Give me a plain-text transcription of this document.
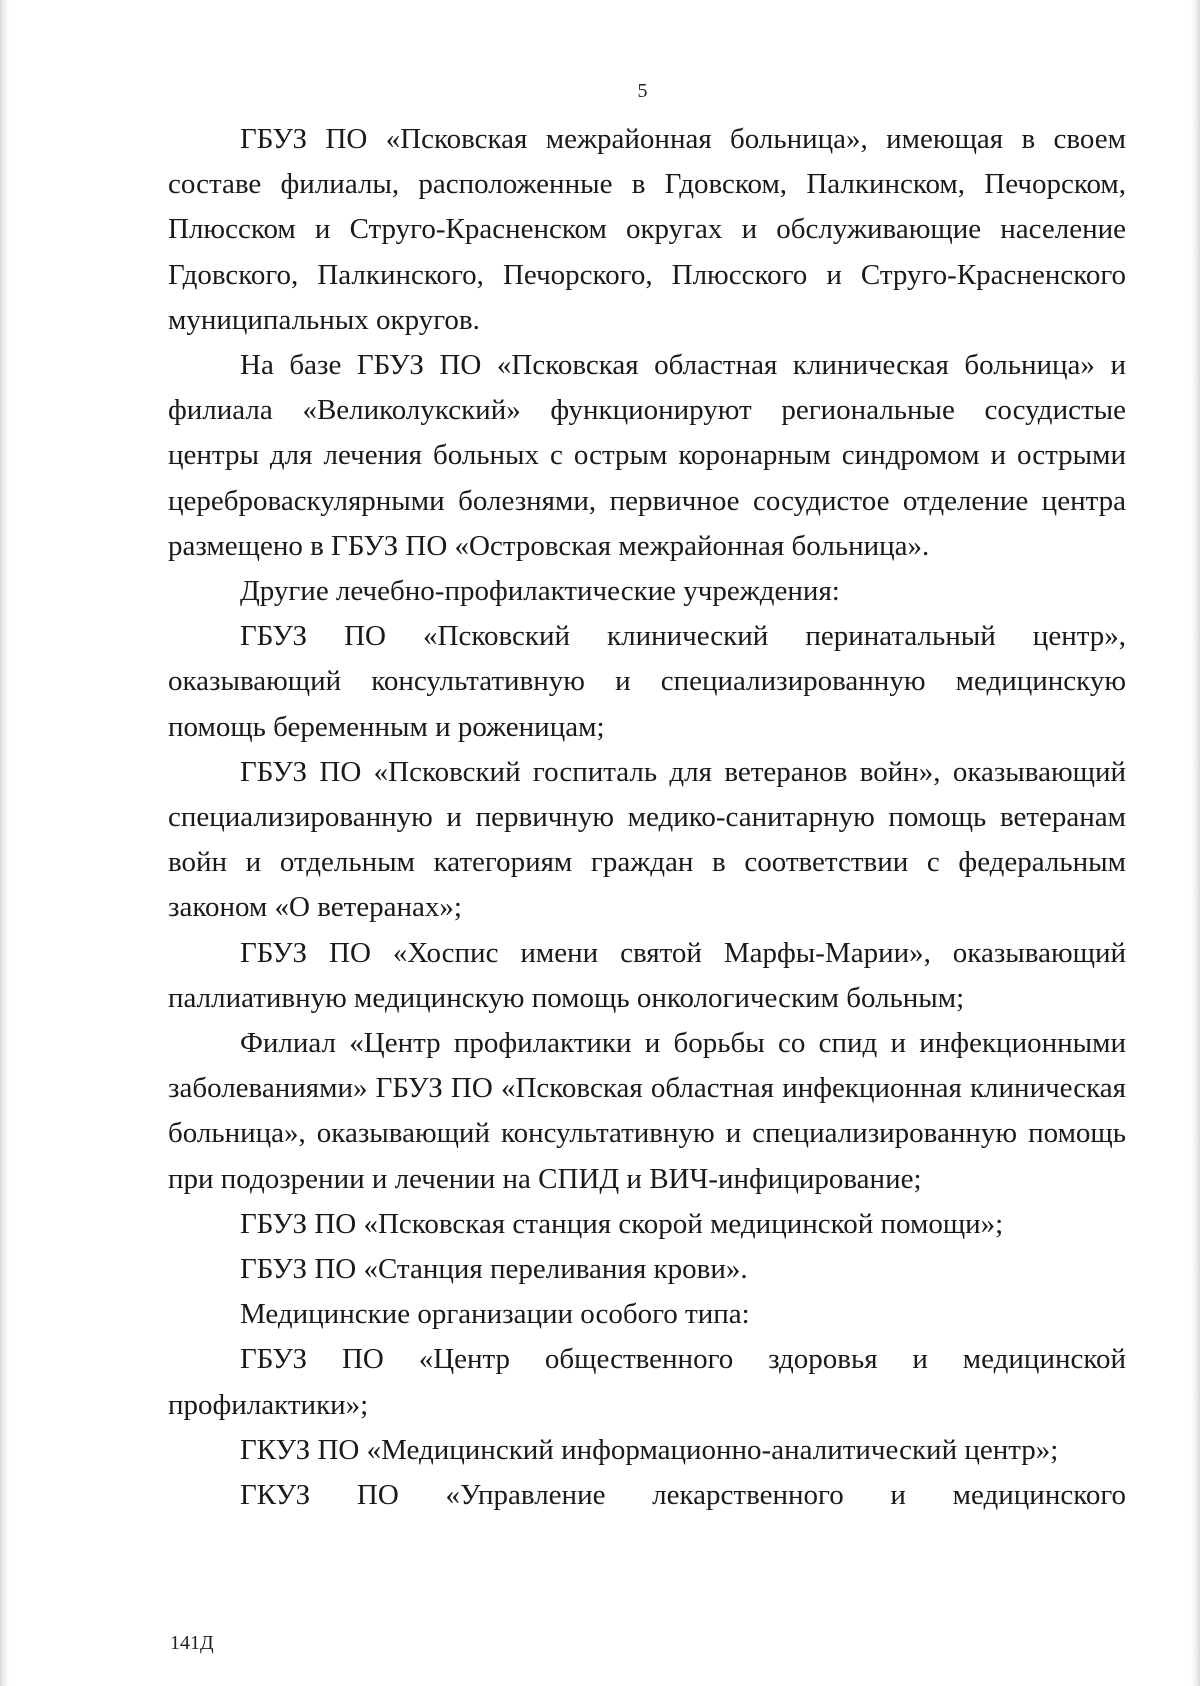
5

ГБУЗ ПО «Псковская межрайонная больница», имеющая в своем составе филиалы, расположенные в Гдовском, Палкинском, Печорском, Плюсском и Струго-Красненском округах и обслуживающие население Гдовского, Палкинского, Печорского, Плюсского и Струго-Красненского муниципальных округов.

На базе ГБУЗ ПО «Псковская областная клиническая больница» и филиала «Великолукский» функционируют региональные сосудистые центры для лечения больных с острым коронарным синдромом и острыми цереброваскулярными болезнями, первичное сосудистое отделение центра размещено в ГБУЗ ПО «Островская межрайонная больница».

Другие лечебно-профилактические учреждения:

ГБУЗ ПО «Псковский клинический перинатальный центр», оказывающий консультативную и специализированную медицинскую помощь беременным и роженицам;

ГБУЗ ПО «Псковский госпиталь для ветеранов войн», оказывающий специализированную и первичную медико-санитарную помощь ветеранам войн и отдельным категориям граждан в соответствии с федеральным законом «О ветеранах»;

ГБУЗ ПО «Хоспис имени святой Марфы-Марии», оказывающий паллиативную медицинскую помощь онкологическим больным;

Филиал «Центр профилактики и борьбы со спид и инфекционными заболеваниями» ГБУЗ ПО «Псковская областная инфекционная клиническая больница», оказывающий консультативную и специализированную помощь при подозрении и лечении на СПИД и ВИЧ-инфицирование;

ГБУЗ ПО «Псковская станция скорой медицинской помощи»;

ГБУЗ ПО «Станция переливания крови».

Медицинские организации особого типа:

ГБУЗ ПО «Центр общественного здоровья и медицинской профилактики»;

ГКУЗ ПО «Медицинский информационно-аналитический центр»;

ГКУЗ ПО «Управление лекарственного и медицинского

141Д
